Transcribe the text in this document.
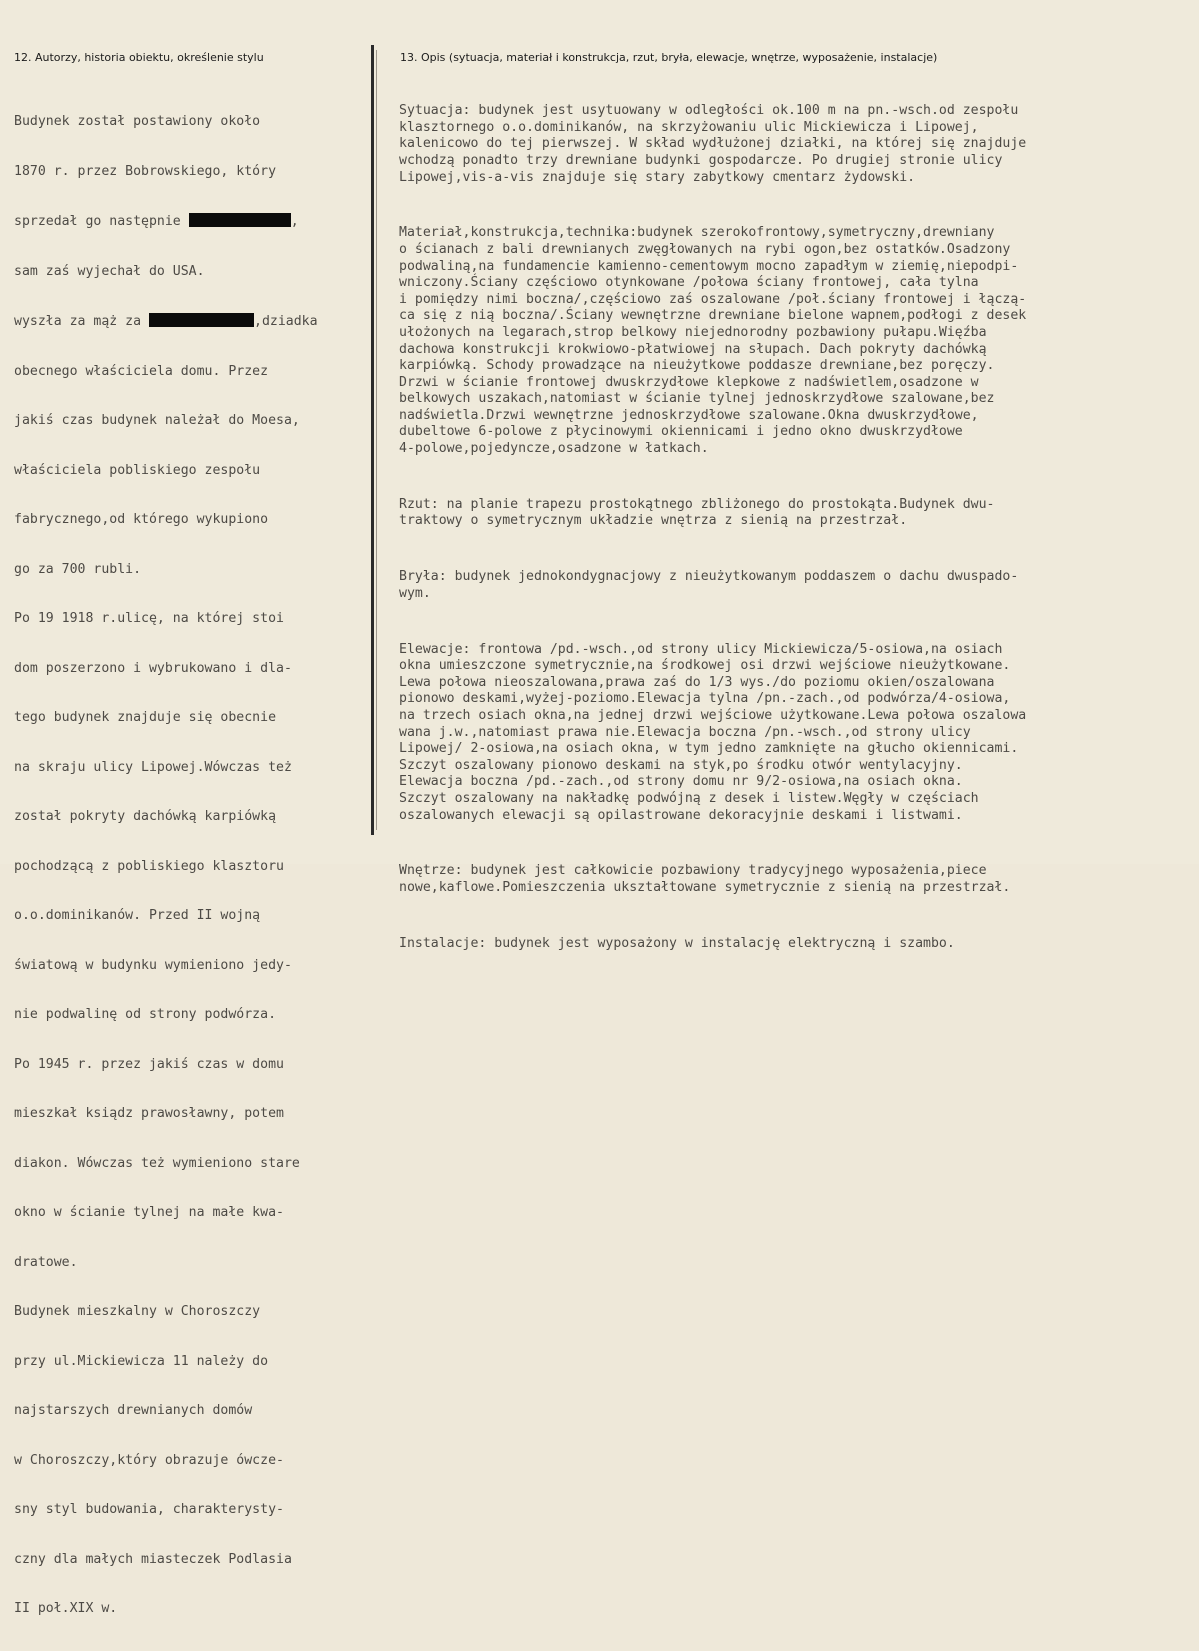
12. Autorzy, historia obiektu, określenie stylu	13. Opis (sytuacja, materiał i konstrukcja, rzut, bryła, elewacje, wnętrze, wyposażenie, instalacje)

Budynek został postawiony około

1870 r. przez Bobrowskiego, który

sprzedał go następnie	,

sam zaś wyjechał do USA.

wyszła za mąż za	,dziadka

obecnego właściciela domu. Przez

jakiś czas budynek należał do Moesa,

właściciela pobliskiego zespołu

fabrycznego,od którego wykupiono

go za 700 rubli.

Po 19 1918 r.ulicę, na której stoi

dom poszerzono i wybrukowano i dla-

tego budynek znajduje się obecnie

na skraju ulicy Lipowej.Wówczas też

został pokryty dachówką karpiówką

pochodzącą z pobliskiego klasztoru

o.o.dominikanów. Przed II wojną

światową w budynku wymieniono jedy-

nie podwalinę od strony podwórza.

Po 1945 r. przez jakiś czas w domu

mieszkał ksiądz prawosławny, potem

diakon. Wówczas też wymieniono stare

okno w ścianie tylnej na małe kwa-

dratowe.

Budynek mieszkalny w Choroszczy

przy ul.Mickiewicza 11 należy do

najstarszych drewnianych domów

w Choroszczy,który obrazuje ówcze-

sny styl budowania, charakterysty-

czny dla małych miasteczek Podlasia

II poł.XIX w.

Sytuacja: budynek jest usytuowany w odległości ok.100 m na pn.-wsch.od zespołu
klasztornego o.o.dominikanów, na skrzyżowaniu ulic Mickiewicza i Lipowej,
kalenicowo do tej pierwszej. W skład wydłużonej działki, na której się znajduje
wchodzą ponadto trzy drewniane budynki gospodarcze. Po drugiej stronie ulicy
Lipowej,vis-a-vis znajduje się stary zabytkowy cmentarz żydowski.

Materiał,konstrukcja,technika:budynek szerokofrontowy,symetryczny,drewniany
o ścianach z bali drewnianych zwęgłowanych na rybi ogon,bez ostatków.Osadzony
podwaliną,na fundamencie kamienno-cementowym mocno zapadłym w ziemię,niepodpi-
wniczony.Ściany częściowo otynkowane /połowa ściany frontowej, cała tylna
i pomiędzy nimi boczna/,częściowo zaś oszalowane /poł.ściany frontowej i łączą-
ca się z nią boczna/.Ściany wewnętrzne drewniane bielone wapnem,podłogi z desek
ułożonych na legarach,strop belkowy niejednorodny pozbawiony pułapu.Więźba
dachowa konstrukcji krokwiowo-płatwiowej na słupach. Dach pokryty dachówką
karpiówką. Schody prowadzące na nieużytkowe poddasze drewniane,bez poręczy.
Drzwi w ścianie frontowej dwuskrzydłowe klepkowe z nadświetlem,osadzone w
belkowych uszakach,natomiast w ścianie tylnej jednoskrzydłowe szalowane,bez
nadświetla.Drzwi wewnętrzne jednoskrzydłowe szalowane.Okna dwuskrzydłowe,
dubeltowe 6-polowe z płycinowymi okiennicami i jedno okno dwuskrzydłowe
4-polowe,pojedyncze,osadzone w łatkach.

Rzut: na planie trapezu prostokątnego zbliżonego do prostokąta.Budynek dwu-
traktowy o symetrycznym układzie wnętrza z sienią na przestrzał.

Bryła: budynek jednokondygnacjowy z nieużytkowanym poddaszem o dachu dwuspado-
wym.

Elewacje: frontowa /pd.-wsch.,od strony ulicy Mickiewicza/5-osiowa,na osiach
okna umieszczone symetrycznie,na środkowej osi drzwi wejściowe nieużytkowane.
Lewa połowa nieoszalowana,prawa zaś do 1/3 wys./do poziomu okien/oszalowana
pionowo deskami,wyżej-poziomo.Elewacja tylna /pn.-zach.,od podwórza/4-osiowa,
na trzech osiach okna,na jednej drzwi wejściowe użytkowane.Lewa połowa oszalowa
wana j.w.,natomiast prawa nie.Elewacja boczna /pn.-wsch.,od strony ulicy
Lipowej/ 2-osiowa,na osiach okna, w tym jedno zamknięte na głucho okiennicami.
Szczyt oszalowany pionowo deskami na styk,po środku otwór wentylacyjny.
Elewacja boczna /pd.-zach.,od strony domu nr 9/2-osiowa,na osiach okna.
Szczyt oszalowany na nakładkę podwójną z desek i listew.Węgły w częściach
oszalowanych elewacji są opilastrowane dekoracyjnie deskami i listwami.

Wnętrze: budynek jest całkowicie pozbawiony tradycyjnego wyposażenia,piece
nowe,kaflowe.Pomieszczenia ukształtowane symetrycznie z sienią na przestrzał.

Instalacje: budynek jest wyposażony w instalację elektryczną i szambo.
